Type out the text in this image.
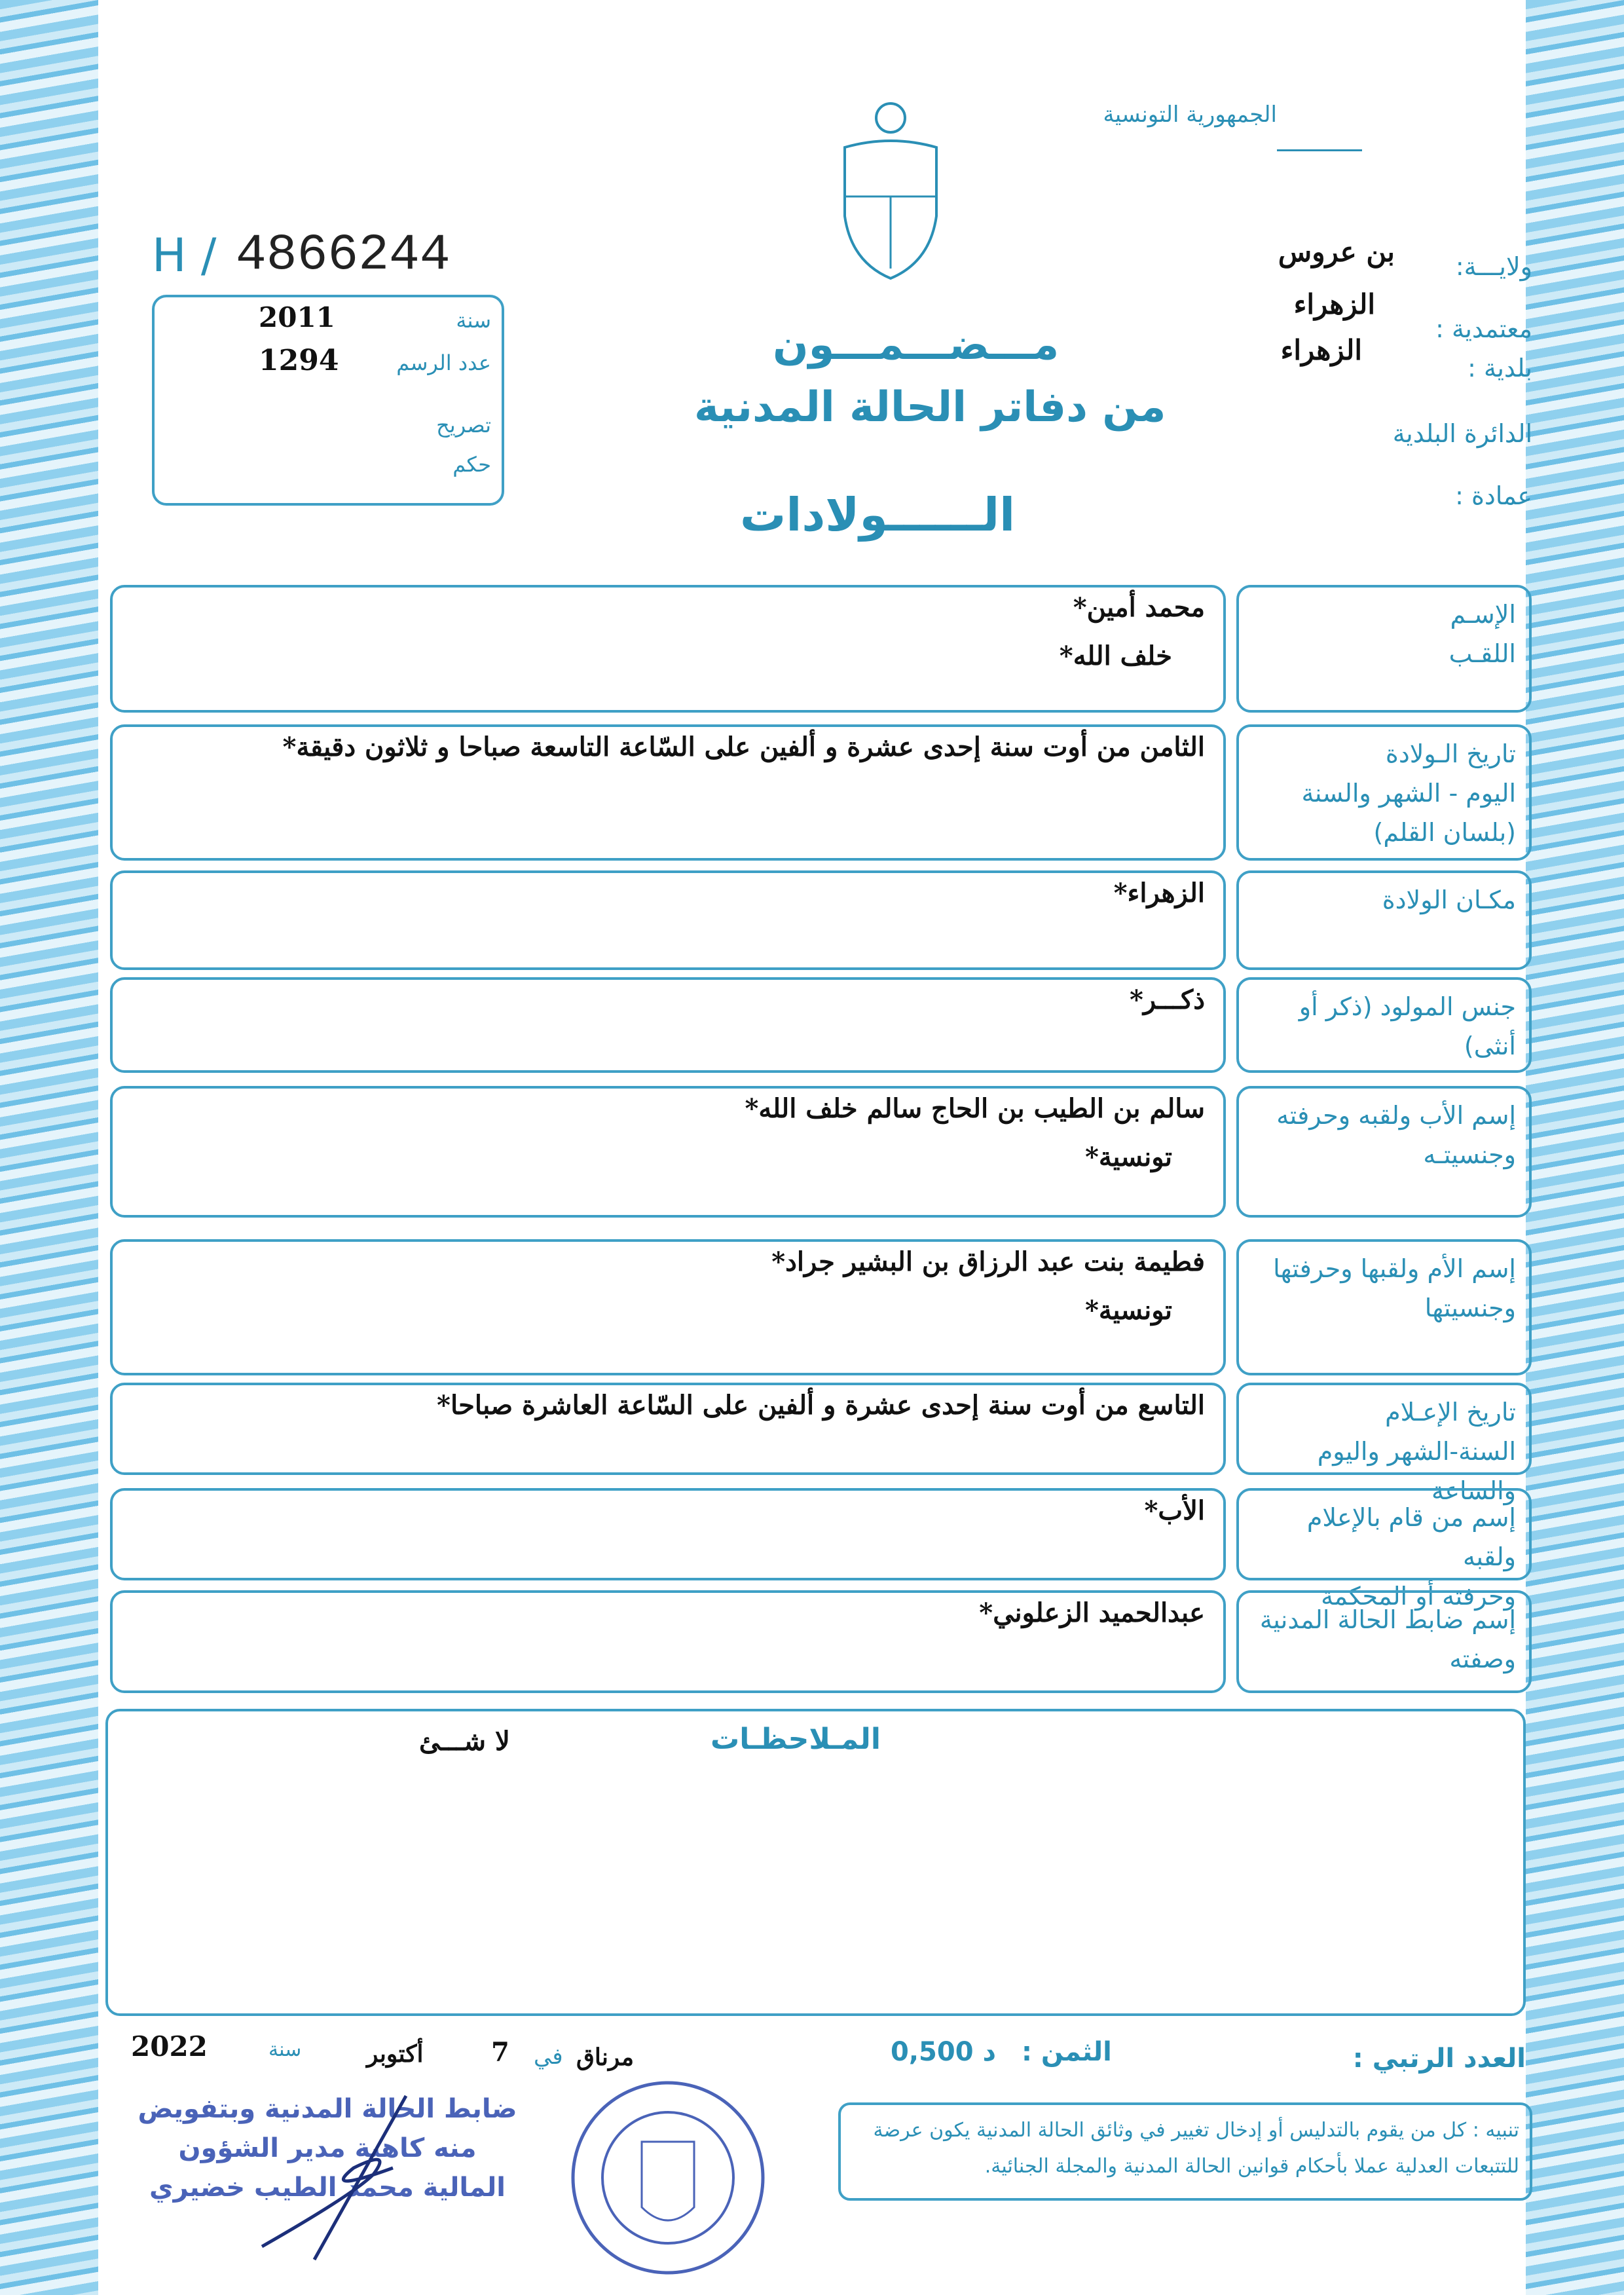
الجمهورية التونسية
H / 4866244
2011
1294
سنة
عدد الرسم
تصريح
حكم
ولايـــة:
بن عروس
معتمدية :
الزهراء
بلدية :
الزهراء
الدائرة البلدية
عمادة :
مـــضـــمـــون
من دفاتر الحالة المدنية
الــــــولادات
الإسـم
اللقـب
محمد أمين*
خلف الله*
تاريخ الـولادة
اليوم - الشهر والسنة
(بلسان القلم)
الثامن من أوت سنة إحدى عشرة و ألفين على السّاعة التاسعة صباحا و ثلاثون دقيقة*
مكـان الولادة
الزهراء*
جنس المولود (ذكر أو أنثى)
ذكـــر*
إسم الأب ولقبه وحرفته
وجنسيتـه
سالم بن الطيب بن الحاج سالم خلف الله*
تونسية*
إسم الأم ولقبها وحرفتها
وجنسيتها
فطيمة بنت عبد الرزاق بن البشير جراد*
تونسية*
تاريخ الإعـلام
السنة-الشهر واليوم والساعة
التاسع من أوت سنة إحدى عشرة و ألفين على السّاعة العاشرة صباحا*
إسم من قام بالإعلام ولقبه
وحرفته أو المحكمة
الأب*
إسم ضابط الحالة المدنية
وصفته
عبدالحميد الزعلوني*
المـلاحظـات
لا شـــئ
العدد الرتبي :
الثمن :
0,500 د
مرناق
في
7
أكتوبر
سنة
2022
تنبيه : كل من يقوم بالتدليس أو إدخال تغيير في وثائق الحالة المدنية يكون عرضة للتتبعات العدلية عملا بأحكام قوانين الحالة المدنية والمجلة الجنائية.
ضابط الحالة المدنية وبتفويض منه كاهية مدير الشؤون المالية محمد الطيب خضيري
